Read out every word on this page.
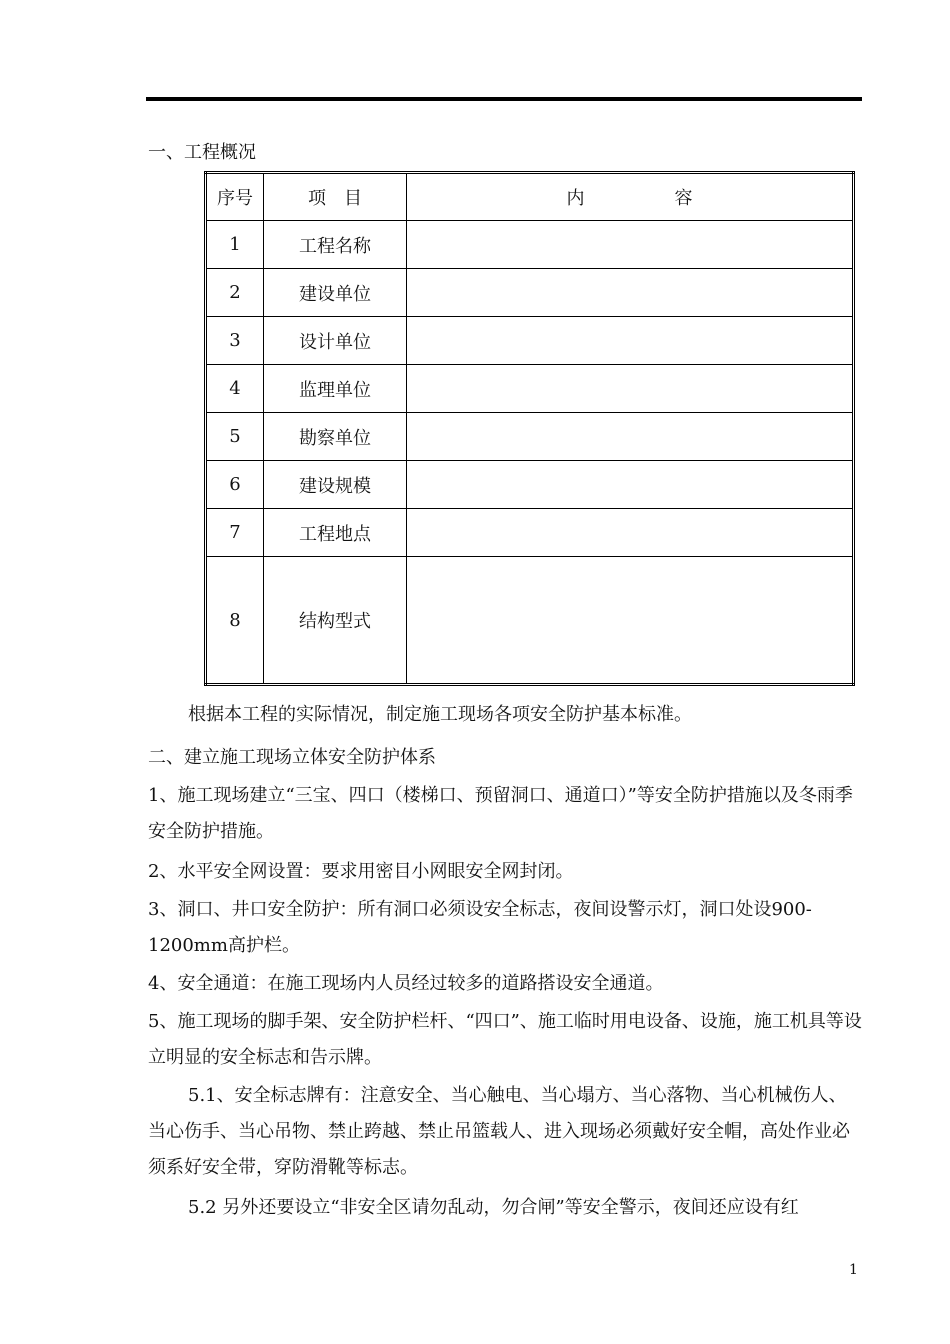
一、工程概况
序号	项　目	内　　　　　容
1	工程名称	
2	建设单位	
3	设计单位	
4	监理单位	
5	勘察单位	
6	建设规模	
7	工程地点	
8	结构型式	
根据本工程的实际情况，制定施工现场各项安全防护基本标准。
二、建立施工现场立体安全防护体系
1、施工现场建立“三宝、四口（楼梯口、预留洞口、通道口）”等安全防护措施以及冬雨季安全防护措施。
2、水平安全网设置：要求用密目小网眼安全网封闭。
3、洞口、井口安全防护：所有洞口必须设安全标志，夜间设警示灯，洞口处设900-1200mm高护栏。
4、安全通道：在施工现场内人员经过较多的道路搭设安全通道。
5、施工现场的脚手架、安全防护栏杆、“四口”、施工临时用电设备、设施，施工机具等设立明显的安全标志和告示牌。
5.1、安全标志牌有：注意安全、当心触电、当心塌方、当心落物、当心机械伤人、当心伤手、当心吊物、禁止跨越、禁止吊篮载人、进入现场必须戴好安全帽，高处作业必须系好安全带，穿防滑靴等标志。
5.2 另外还要设立“非安全区请勿乱动，勿合闸”等安全警示，夜间还应设有红
1
